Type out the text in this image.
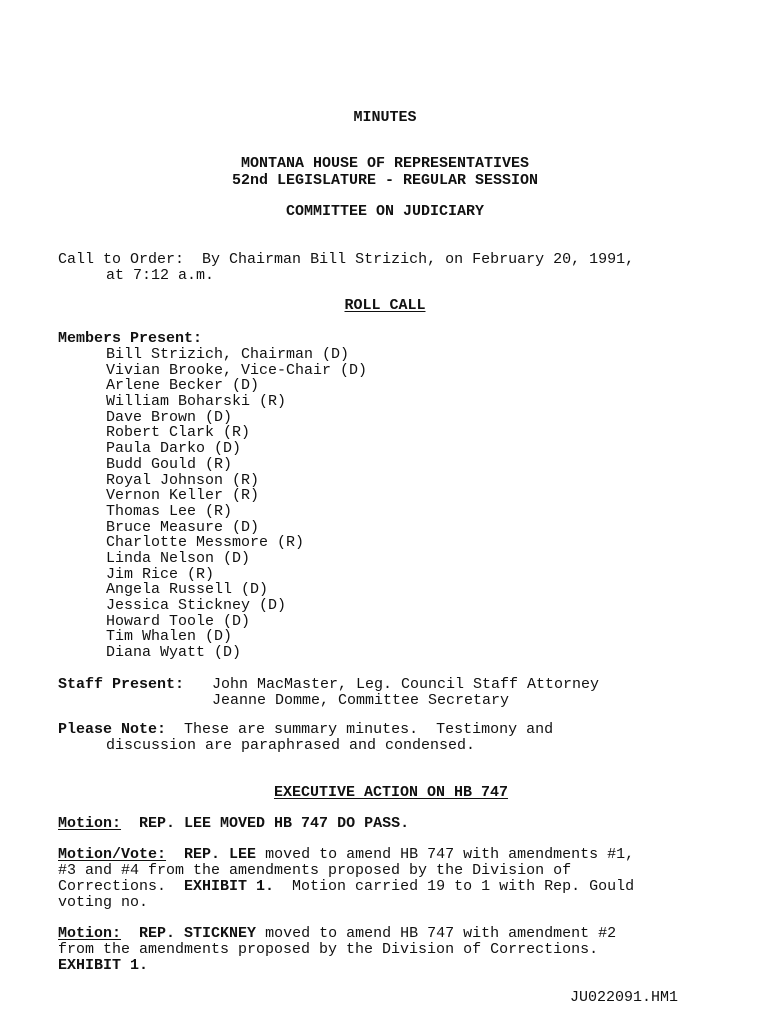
MINUTES
MONTANA HOUSE OF REPRESENTATIVES
52nd LEGISLATURE - REGULAR SESSION
COMMITTEE ON JUDICIARY
Call to Order: By Chairman Bill Strizich, on February 20, 1991,
at 7:12 a.m.
ROLL CALL
Members Present:
Bill Strizich, Chairman (D)
Vivian Brooke, Vice-Chair (D)
Arlene Becker (D)
William Boharski (R)
Dave Brown (D)
Robert Clark (R)
Paula Darko (D)
Budd Gould (R)
Royal Johnson (R)
Vernon Keller (R)
Thomas Lee (R)
Bruce Measure (D)
Charlotte Messmore (R)
Linda Nelson (D)
Jim Rice (R)
Angela Russell (D)
Jessica Stickney (D)
Howard Toole (D)
Tim Whalen (D)
Diana Wyatt (D)
Staff Present: John MacMaster, Leg. Council Staff Attorney
Jeanne Domme, Committee Secretary
Please Note: These are summary minutes.  Testimony and
discussion are paraphrased and condensed.
EXECUTIVE ACTION ON HB 747
Motion: REP. LEE MOVED HB 747 DO PASS.
Motion/Vote: REP. LEE moved to amend HB 747 with amendments #1,
#3 and #4 from the amendments proposed by the Division of
Corrections.  EXHIBIT 1.  Motion carried 19 to 1 with Rep. Gould
voting no.
Motion: REP. STICKNEY moved to amend HB 747 with amendment #2
from the amendments proposed by the Division of Corrections.
EXHIBIT 1.
JU022091.HM1
